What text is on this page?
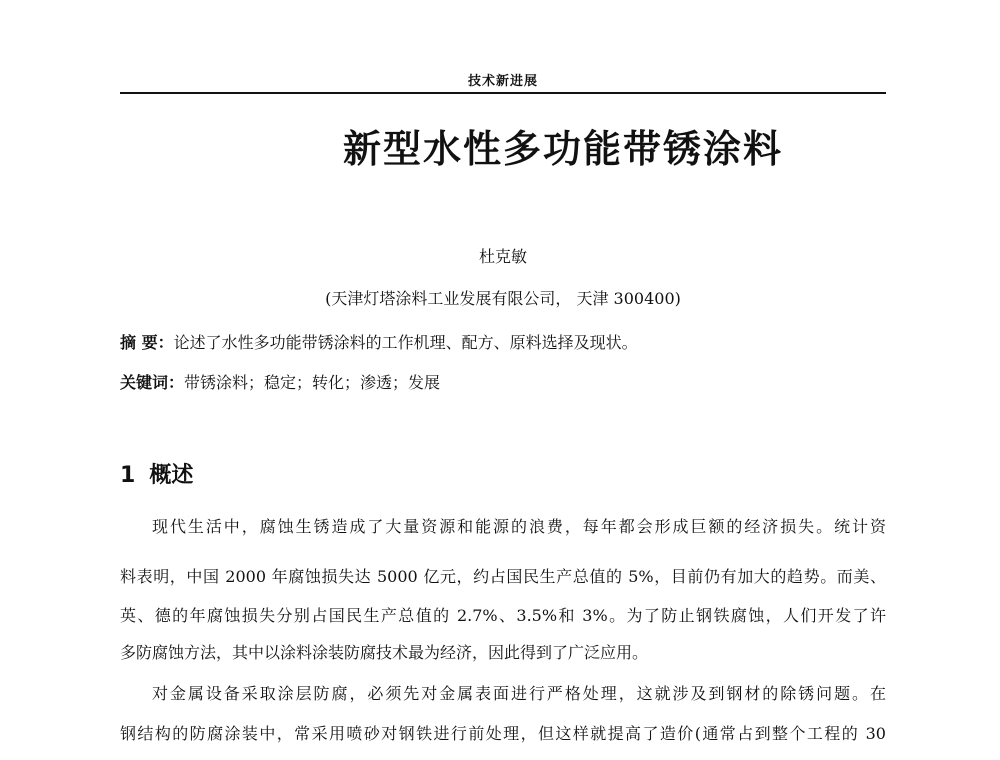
技术新进展
新型水性多功能带锈涂料
杜克敏
(天津灯塔涂料工业发展有限公司， 天津 300400)
摘 要：论述了水性多功能带锈涂料的工作机理、配方、原料选择及现状。
关键词：带锈涂料；稳定；转化；渗透；发展
1 概述
现代生活中，腐蚀生锈造成了大量资源和能源的浪费，每年都会形成巨额的经济损失。统计资
料表明，中国 2000 年腐蚀损失达 5000 亿元，约占国民生产总值的 5%，目前仍有加大的趋势。而美、
英、德的年腐蚀损失分别占国民生产总值的 2.7%、3.5%和 3%。为了防止钢铁腐蚀，人们开发了许
多防腐蚀方法，其中以涂料涂装防腐技术最为经济，因此得到了广泛应用。
对金属设备采取涂层防腐，必须先对金属表面进行严格处理，这就涉及到钢材的除锈问题。在
钢结构的防腐涂装中，常采用喷砂对钢铁进行前处理，但这样就提高了造价(通常占到整个工程的 30
